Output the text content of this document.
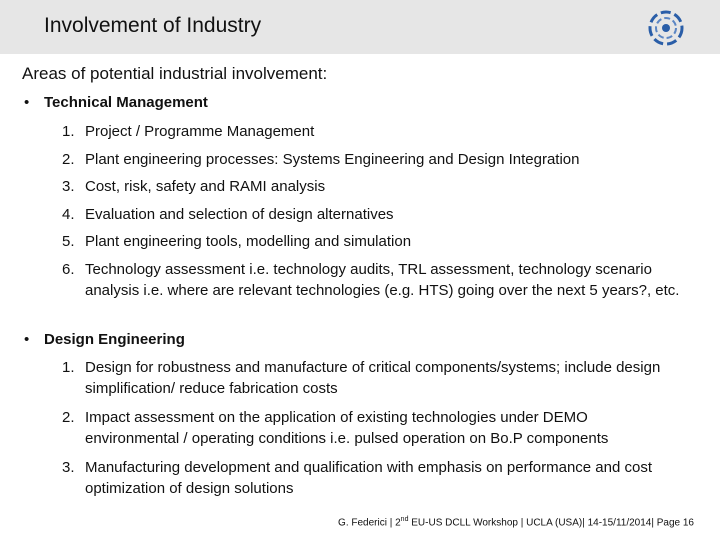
Involvement of Industry
Areas of potential industrial involvement:
• Technical Management
1. Project / Programme Management
2. Plant engineering processes: Systems Engineering and Design Integration
3. Cost, risk, safety and RAMI analysis
4. Evaluation and selection of design alternatives
5. Plant engineering tools, modelling and simulation
6. Technology assessment i.e. technology audits, TRL assessment, technology scenario analysis i.e. where are relevant technologies (e.g. HTS) going over the next 5 years?, etc.
• Design Engineering
1. Design for robustness and manufacture of critical components/systems; include design simplification/ reduce fabrication costs
2. Impact assessment on the application of existing technologies under DEMO environmental / operating conditions i.e. pulsed operation on Bo.P components
3. Manufacturing development and qualification with emphasis on performance and cost optimization of design solutions
G. Federici | 2nd EU-US DCLL Workshop | UCLA (USA)| 14-15/11/2014| Page 16
